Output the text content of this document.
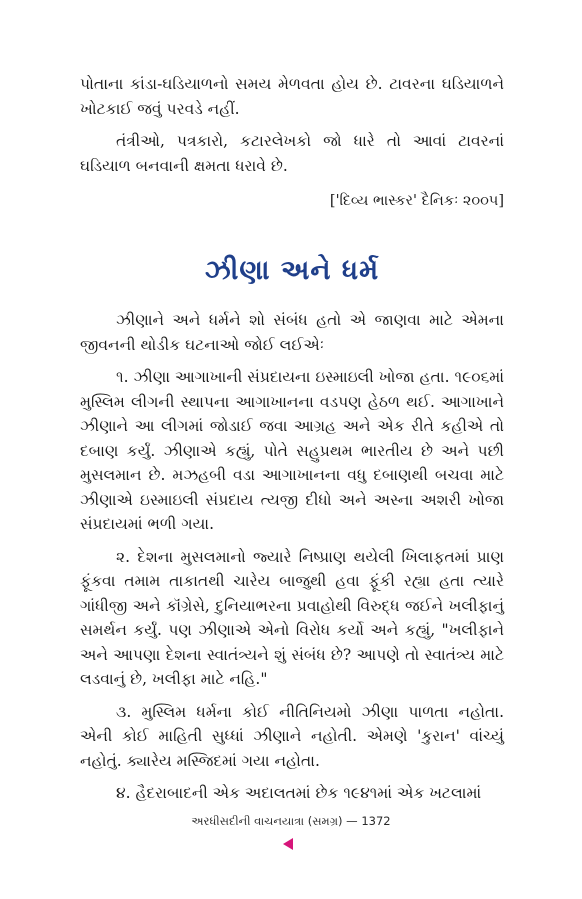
પોતાના કાંડા-ઘડિયાળનો સમય મેળવતા હોય છે. ટાવરના ઘડિયાળને ખોટકાઈ જવું પરવડે નહીં.

તંત્રીઓ, પત્રકારો, કટારલેખકો જો ધારે તો આવાં ટાવરનાં ઘડિયાળ બનવાની ક્ષમતા ધરાવે છે.

['દિવ્ય ભાસ્કર' દૈનિકઃ ૨૦૦૫]

ઝીણા અને ધર્મ

ઝીણાને અને ધર્મને શો સંબંધ હતો એ જાણવા માટે એમના જીવનની થોડીક ઘટનાઓ જોઈ લઈએઃ

૧. ઝીણા આગાખાની સંપ્રદાયના ઇસ્માઇલી ખોજા હતા. ૧૯૦૬માં મુસ્લિમ લીગની સ્થાપના આગાખાનના વડપણ હેઠળ થઈ. આગાખાને ઝીણાને આ લીગમાં જોડાઈ જવા આગ્રહ અને એક રીતે કહીએ તો દબાણ કર્યું. ઝીણાએ કહ્યું, પોતે સહુપ્રથમ ભારતીય છે અને પછી મુસલમાન છે. મઝહબી વડા આગાખાનના વધુ દબાણથી બચવા માટે ઝીણાએ ઇસ્માઇલી સંપ્રદાય ત્યજી દીધો અને અસ્ના અશરી ખોજા સંપ્રદાયમાં ભળી ગયા.

૨. દેશના મુસલમાનો જ્યારે નિષ્પ્રાણ થયેલી ખિલાફતમાં પ્રાણ ફૂંકવા તમામ તાકાતથી ચારેય બાજુથી હવા ફૂંકી રહ્યા હતા ત્યારે ગાંધીજી અને કૉંગ્રેસે, દુનિયાભરના પ્રવાહોથી વિરુદ્ધ જઈને ખલીફાનું સમર્થન કર્યું. પણ ઝીણાએ એનો વિરોધ કર્યો અને કહ્યું, "ખલીફાને અને આપણા દેશના સ્વાતંત્ર્યને શું સંબંધ છે? આપણે તો સ્વાતંત્ર્ય માટે લડવાનું છે, ખલીફા માટે નહિ."

૩. મુસ્લિમ ધર્મના કોઈ નીતિનિયમો ઝીણા પાળતા નહોતા. એની કોઈ માહિતી સુધ્ધાં ઝીણાને નહોતી. એમણે 'કુરાન' વાંચ્યું નહોતું. ક્યારેય મસ્જિદમાં ગયા નહોતા.

૪. હૈદરાબાદની એક અદાલતમાં છેક ૧૯૪૧માં એક ખટલામાં

અરધીસદીની વાચનયાત્રા (સમગ્ર) — 1372
